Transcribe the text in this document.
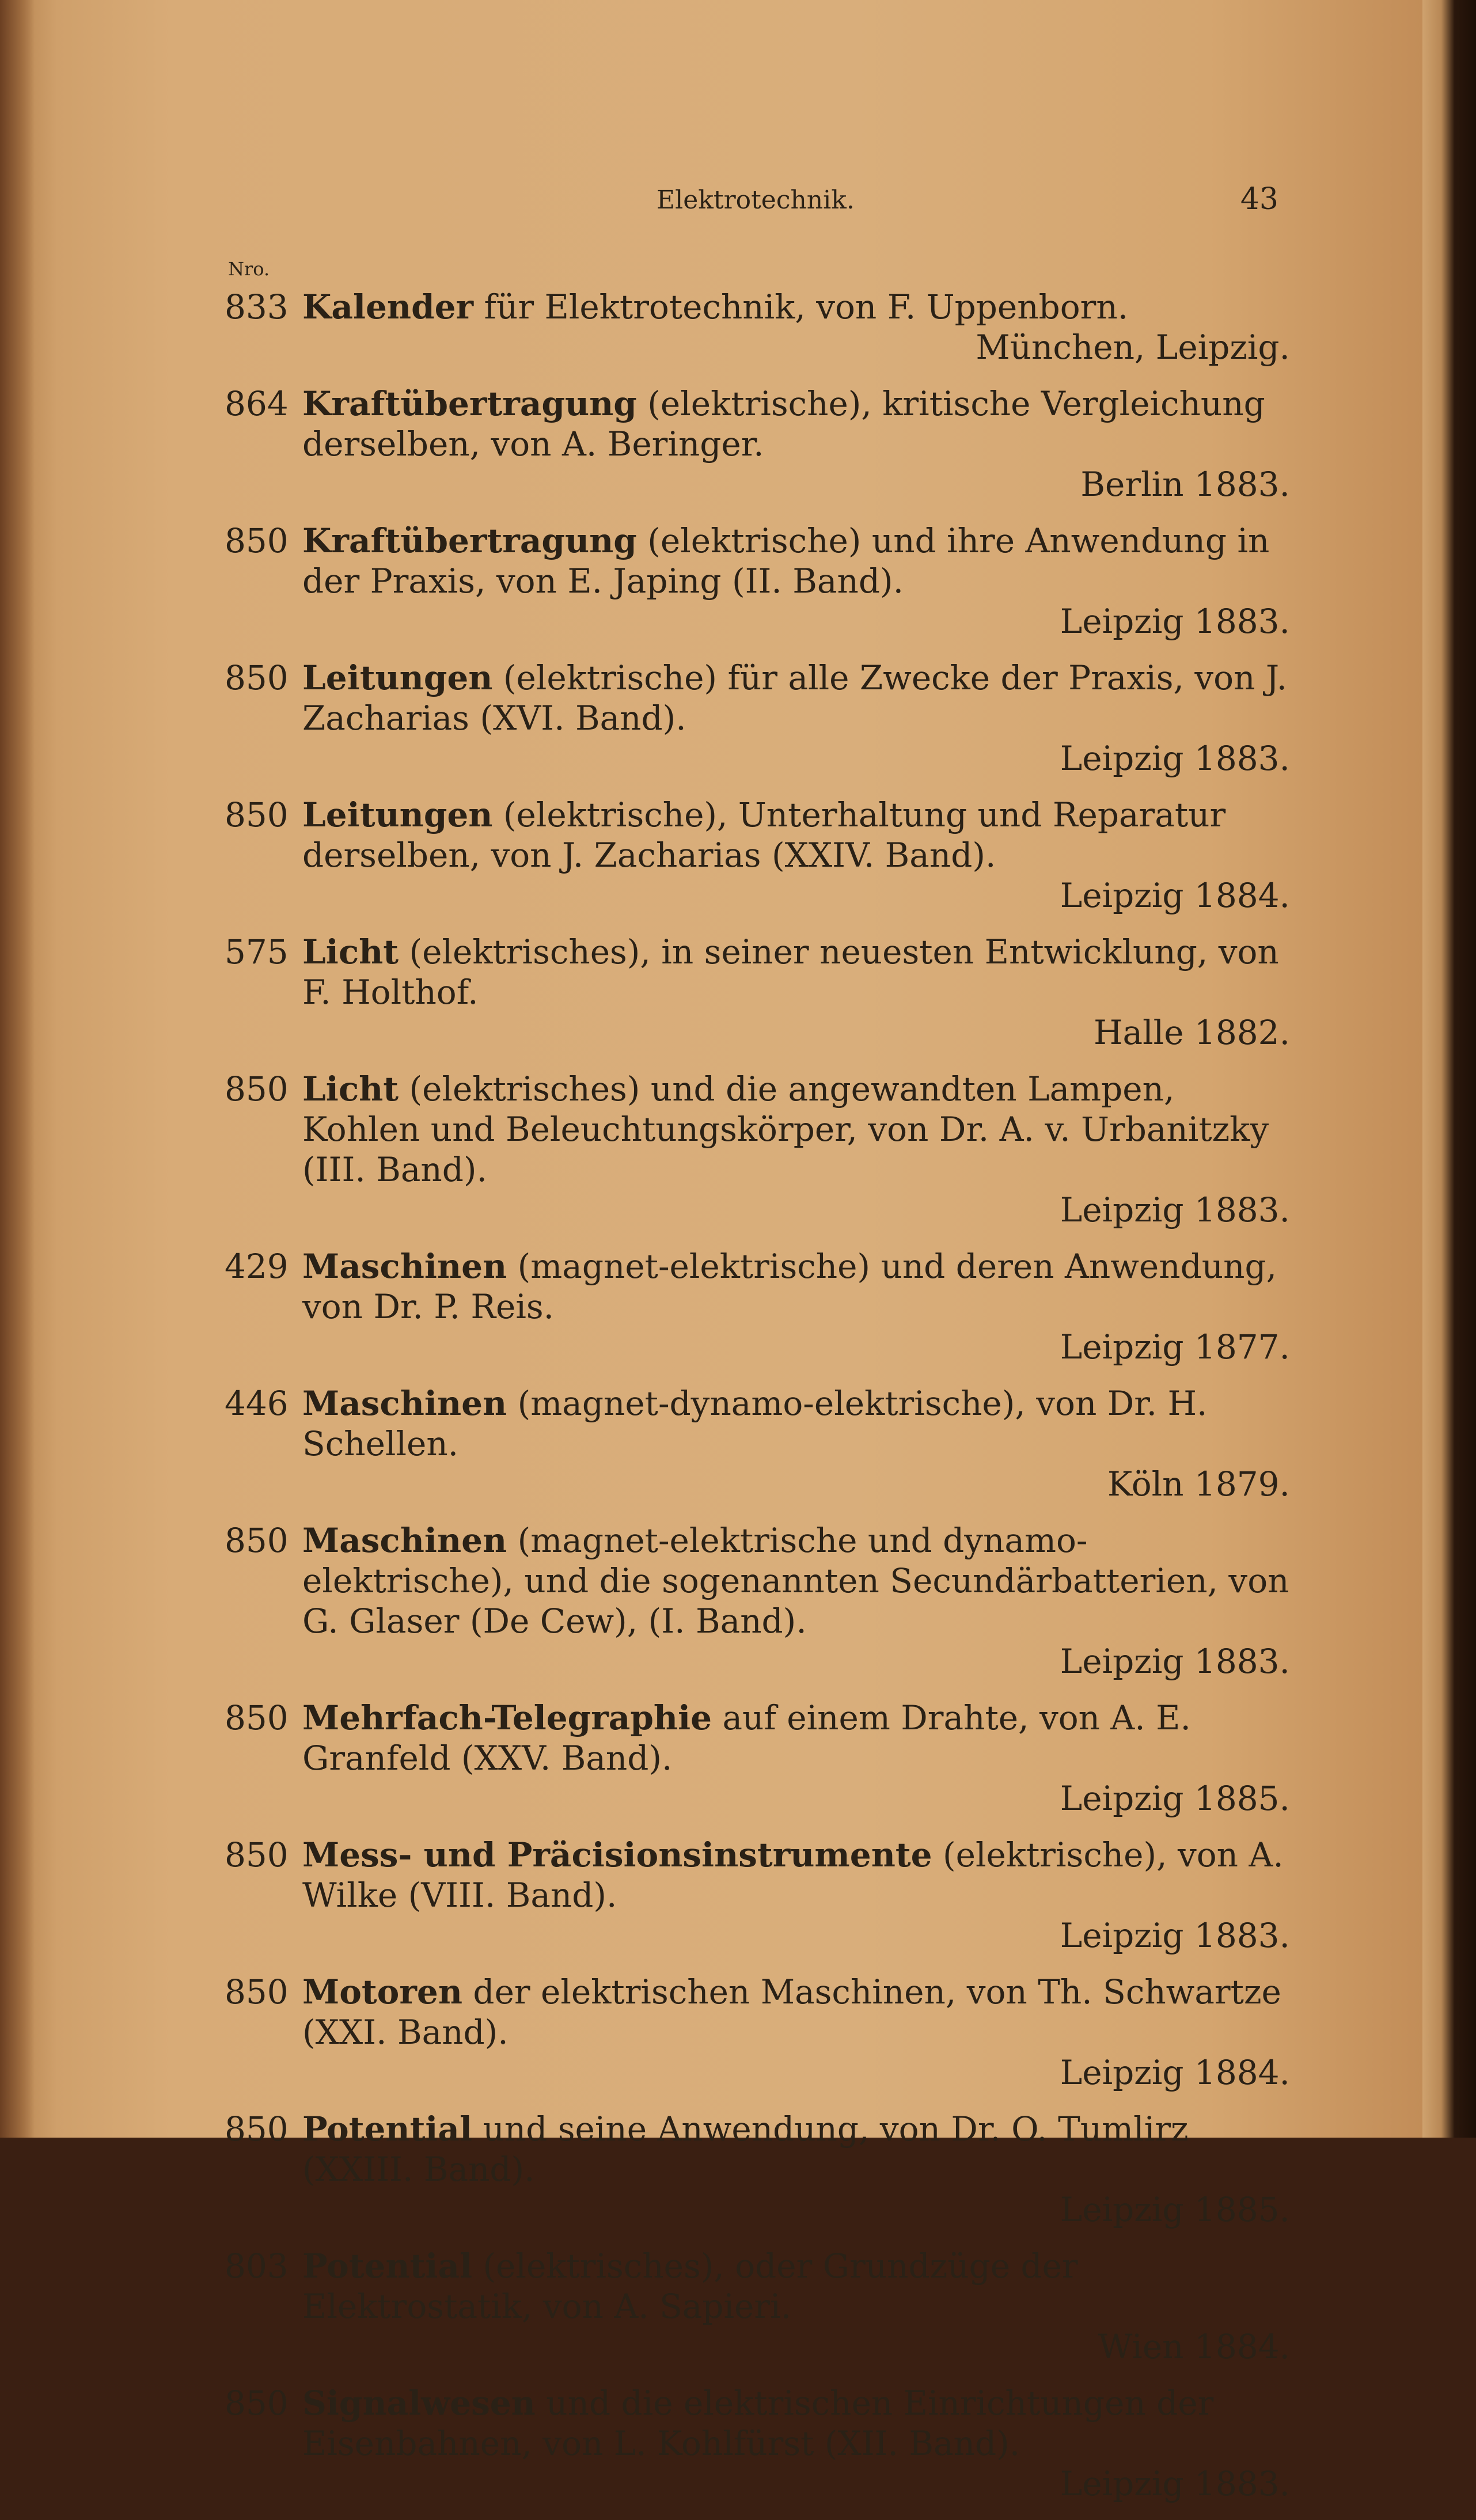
Elektrotechnik.	43
Nro.
833 Kalender für Elektrotechnik, von F. Uppenborn.
München, Leipzig.
864 Kraftübertragung (elektrische), kritische Vergleichung derselben, von A. Beringer.
Berlin 1883.
850 Kraftübertragung (elektrische) und ihre Anwendung in der Praxis, von E. Japing (II. Band).
Leipzig 1883.
850 Leitungen (elektrische) für alle Zwecke der Praxis, von J. Zacharias (XVI. Band).
Leipzig 1883.
850 Leitungen (elektrische), Unterhaltung und Reparatur derselben, von J. Zacharias (XXIV. Band).
Leipzig 1884.
575 Licht (elektrisches), in seiner neuesten Entwicklung, von F. Holthof.
Halle 1882.
850 Licht (elektrisches) und die angewandten Lampen, Kohlen und Beleuchtungskörper, von Dr. A. v. Urbanitzky (III. Band).
Leipzig 1883.
429 Maschinen (magnet-elektrische) und deren Anwendung, von Dr. P. Reis.
Leipzig 1877.
446 Maschinen (magnet-dynamo-elektrische), von Dr. H. Schellen.
Köln 1879.
850 Maschinen (magnet-elektrische und dynamo-elektrische), und die sogenannten Secundärbatterien, von G. Glaser (De Cew), (I. Band).
Leipzig 1883.
850 Mehrfach-Telegraphie auf einem Drahte, von A. E. Granfeld (XXV. Band).
Leipzig 1885.
850 Mess- und Präcisionsinstrumente (elektrische), von A. Wilke (VIII. Band).
Leipzig 1883.
850 Motoren der elektrischen Maschinen, von Th. Schwartze (XXI. Band).
Leipzig 1884.
850 Potential und seine Anwendung, von Dr. O. Tumlirz (XXIII. Band).
Leipzig 1885.
803 Potential (elektrisches), oder Grundzüge der Elektrostatik, von A. Sapieri.
Wien 1884.
850 Signalwesen und die elektrischen Einrichtungen der Eisenbahnen, von L. Kohlfürst (XII. Band).
Leipzig 1883.
